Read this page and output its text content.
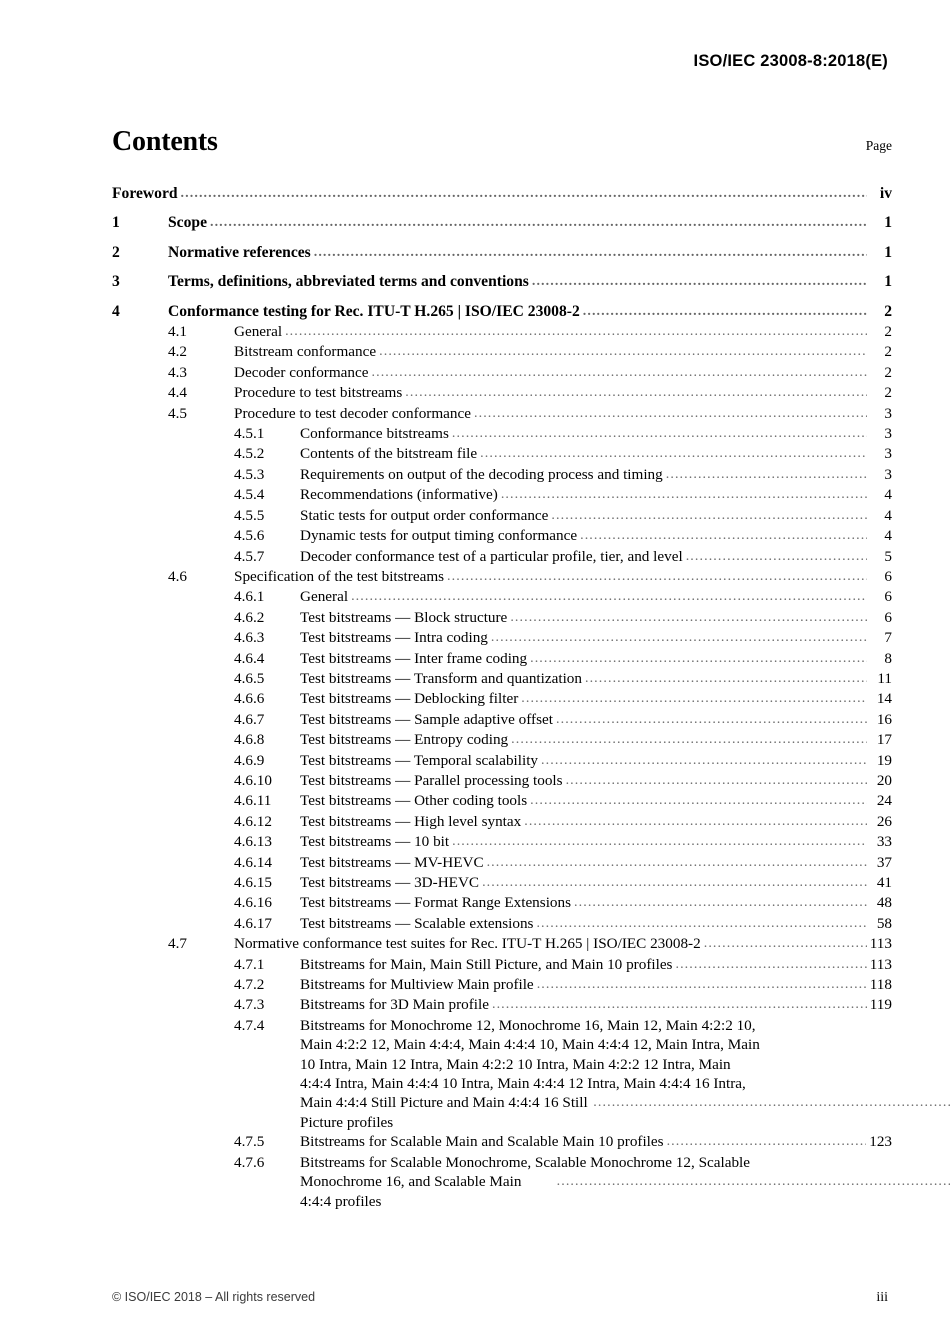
ISO/IEC 23008-8:2018(E)
Contents	Page
Foreword .....	iv
1	Scope .....	1
2	Normative references .....	1
3	Terms, definitions, abbreviated terms and conventions .....	1
4	Conformance testing for Rec. ITU-T H.265 | ISO/IEC 23008-2 .....	2
4.1	General .....	2
4.2	Bitstream conformance .....	2
4.3	Decoder conformance .....	2
4.4	Procedure to test bitstreams .....	2
4.5	Procedure to test decoder conformance .....	3
4.5.1	Conformance bitstreams .....	3
4.5.2	Contents of the bitstream file .....	3
4.5.3	Requirements on output of the decoding process and timing .....	3
4.5.4	Recommendations (informative) .....	4
4.5.5	Static tests for output order conformance .....	4
4.5.6	Dynamic tests for output timing conformance .....	4
4.5.7	Decoder conformance test of a particular profile, tier, and level .....	5
4.6	Specification of the test bitstreams .....	6
4.6.1	General .....	6
4.6.2	Test bitstreams — Block structure .....	6
4.6.3	Test bitstreams — Intra coding .....	7
4.6.4	Test bitstreams — Inter frame coding .....	8
4.6.5	Test bitstreams — Transform and quantization .....	11
4.6.6	Test bitstreams — Deblocking filter .....	14
4.6.7	Test bitstreams — Sample adaptive offset .....	16
4.6.8	Test bitstreams — Entropy coding .....	17
4.6.9	Test bitstreams — Temporal scalability .....	19
4.6.10	Test bitstreams — Parallel processing tools .....	20
4.6.11	Test bitstreams — Other coding tools .....	24
4.6.12	Test bitstreams — High level syntax .....	26
4.6.13	Test bitstreams — 10 bit .....	33
4.6.14	Test bitstreams — MV-HEVC .....	37
4.6.15	Test bitstreams — 3D-HEVC .....	41
4.6.16	Test bitstreams — Format Range Extensions .....	48
4.6.17	Test bitstreams — Scalable extensions .....	58
4.7	Normative conformance test suites for Rec. ITU-T H.265 | ISO/IEC 23008-2 .....	113
4.7.1	Bitstreams for Main, Main Still Picture, and Main 10 profiles .....	113
4.7.2	Bitstreams for Multiview Main profile .....	118
4.7.3	Bitstreams for 3D Main profile .....	119
4.7.4	Bitstreams for Monochrome 12, Monochrome 16, Main 12, Main 4:2:2 10,
Main 4:2:2 12, Main 4:4:4, Main 4:4:4 10, Main 4:4:4 12, Main Intra, Main
10 Intra, Main 12 Intra, Main 4:2:2 10 Intra, Main 4:2:2 12 Intra, Main
4:4:4 Intra, Main 4:4:4 10 Intra, Main 4:4:4 12 Intra, Main 4:4:4 16 Intra,
Main 4:4:4 Still Picture and Main 4:4:4 16 Still Picture profiles
.....
4.7.5	Bitstreams for Scalable Main and Scalable Main 10 profiles .....	123
4.7.6	Bitstreams for Scalable Monochrome, Scalable Monochrome 12, Scalable
Monochrome 16, and Scalable Main 4:4:4 profiles
.....
© ISO/IEC 2018 – All rights reserved	iii
